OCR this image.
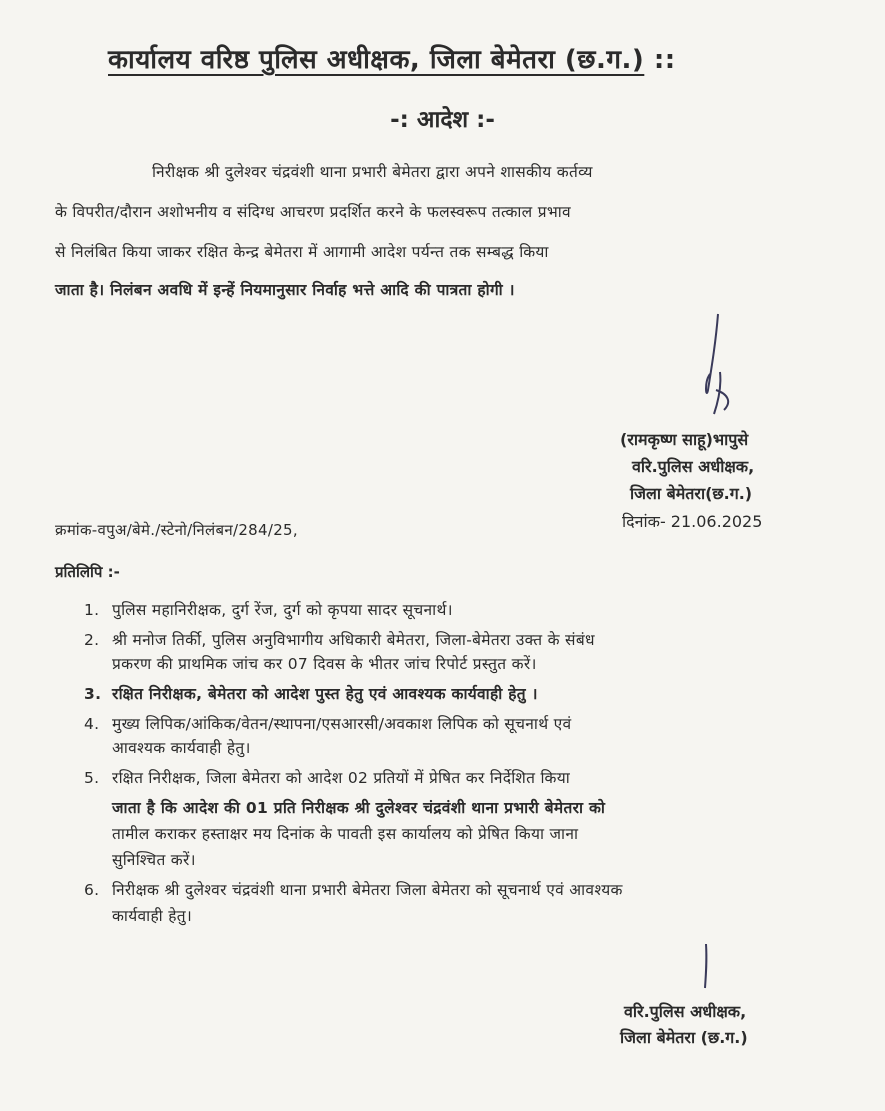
कार्यालय वरिष्ठ पुलिस अधीक्षक, जिला बेमेतरा (छ.ग.) ::
-: आदेश :-
निरीक्षक श्री दुलेश्वर चंद्रवंशी थाना प्रभारी बेमेतरा द्वारा अपने शासकीय कर्तव्य
के विपरीत/दौरान अशोभनीय व संदिग्ध आचरण प्रदर्शित करने के फलस्वरूप तत्काल प्रभाव
से निलंबित किया जाकर रक्षित केन्द्र बेमेतरा में आगामी आदेश पर्यन्त तक सम्बद्ध किया
जाता है। निलंबन अवधि में इन्हें नियमानुसार निर्वाह भत्ते आदि की पात्रता होगी ।
(रामकृष्ण साहू)भापुसे
वरि.पुलिस अधीक्षक,
जिला बेमेतरा(छ.ग.)
क्रमांक-वपुअ/बेमे./स्टेनो/निलंबन/284/25,	दिनांक- 21.06.2025
प्रतिलिपि :-
1. पुलिस महानिरीक्षक, दुर्ग रेंज, दुर्ग को कृपया सादर सूचनार्थ।
2. श्री मनोज तिर्की, पुलिस अनुविभागीय अधिकारी बेमेतरा, जिला-बेमेतरा उक्त के संबंध
प्रकरण की प्राथमिक जांच कर 07 दिवस के भीतर जांच रिपोर्ट प्रस्तुत करें।
3. रक्षित निरीक्षक, बेमेतरा को आदेश पुस्त हेतु एवं आवश्यक कार्यवाही हेतु ।
4. मुख्य लिपिक/आंकिक/वेतन/स्थापना/एसआरसी/अवकाश लिपिक को सूचनार्थ एवं
आवश्यक कार्यवाही हेतु।
5. रक्षित निरीक्षक, जिला बेमेतरा को आदेश 02 प्रतियों में प्रेषित कर निर्देशित किया
जाता है कि आदेश की 01 प्रति निरीक्षक श्री दुलेश्वर चंद्रवंशी थाना प्रभारी बेमेतरा को
तामील कराकर हस्ताक्षर मय दिनांक के पावती इस कार्यालय को प्रेषित किया जाना
सुनिश्चित करें।
6. निरीक्षक श्री दुलेश्वर चंद्रवंशी थाना प्रभारी बेमेतरा जिला बेमेतरा को सूचनार्थ एवं आवश्यक
कार्यवाही हेतु।
वरि.पुलिस अधीक्षक,
जिला बेमेतरा (छ.ग.)
